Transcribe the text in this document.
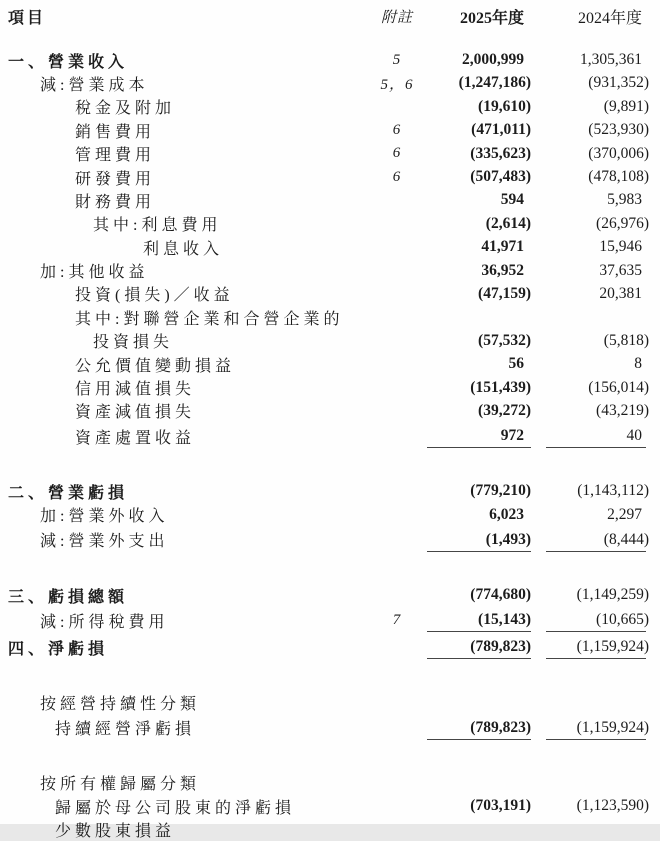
項目	附註	2025年度	2024年度
一、營業收入	5	2,000,999	1,305,361
減:營業成本	5，6	(1,247,186)	(931,352)
稅金及附加	(19,610)	(9,891)
銷售費用	6	(471,011)	(523,930)
管理費用	6	(335,623)	(370,006)
研發費用	6	(507,483)	(478,108)
財務費用	594	5,983
其中:利息費用	(2,614)	(26,976)
利息收入	41,971	15,946
加:其他收益	36,952	37,635
投資(損失)／收益	(47,159)	20,381
其中:對聯營企業和合營企業的
投資損失	(57,532)	(5,818)
公允價值變動損益	56	8
信用減值損失	(151,439)	(156,014)
資產減值損失	(39,272)	(43,219)
資產處置收益	972	40
二、營業虧損	(779,210)	(1,143,112)
加:營業外收入	6,023	2,297
減:營業外支出	(1,493)	(8,444)
三、虧損總額	(774,680)	(1,149,259)
減:所得稅費用	7	(15,143)	(10,665)
四、淨虧損	(789,823)	(1,159,924)
按經營持續性分類
持續經營淨虧損	(789,823)	(1,159,924)
按所有權歸屬分類
歸屬於母公司股東的淨虧損	(703,191)	(1,123,590)
少數股東損益
